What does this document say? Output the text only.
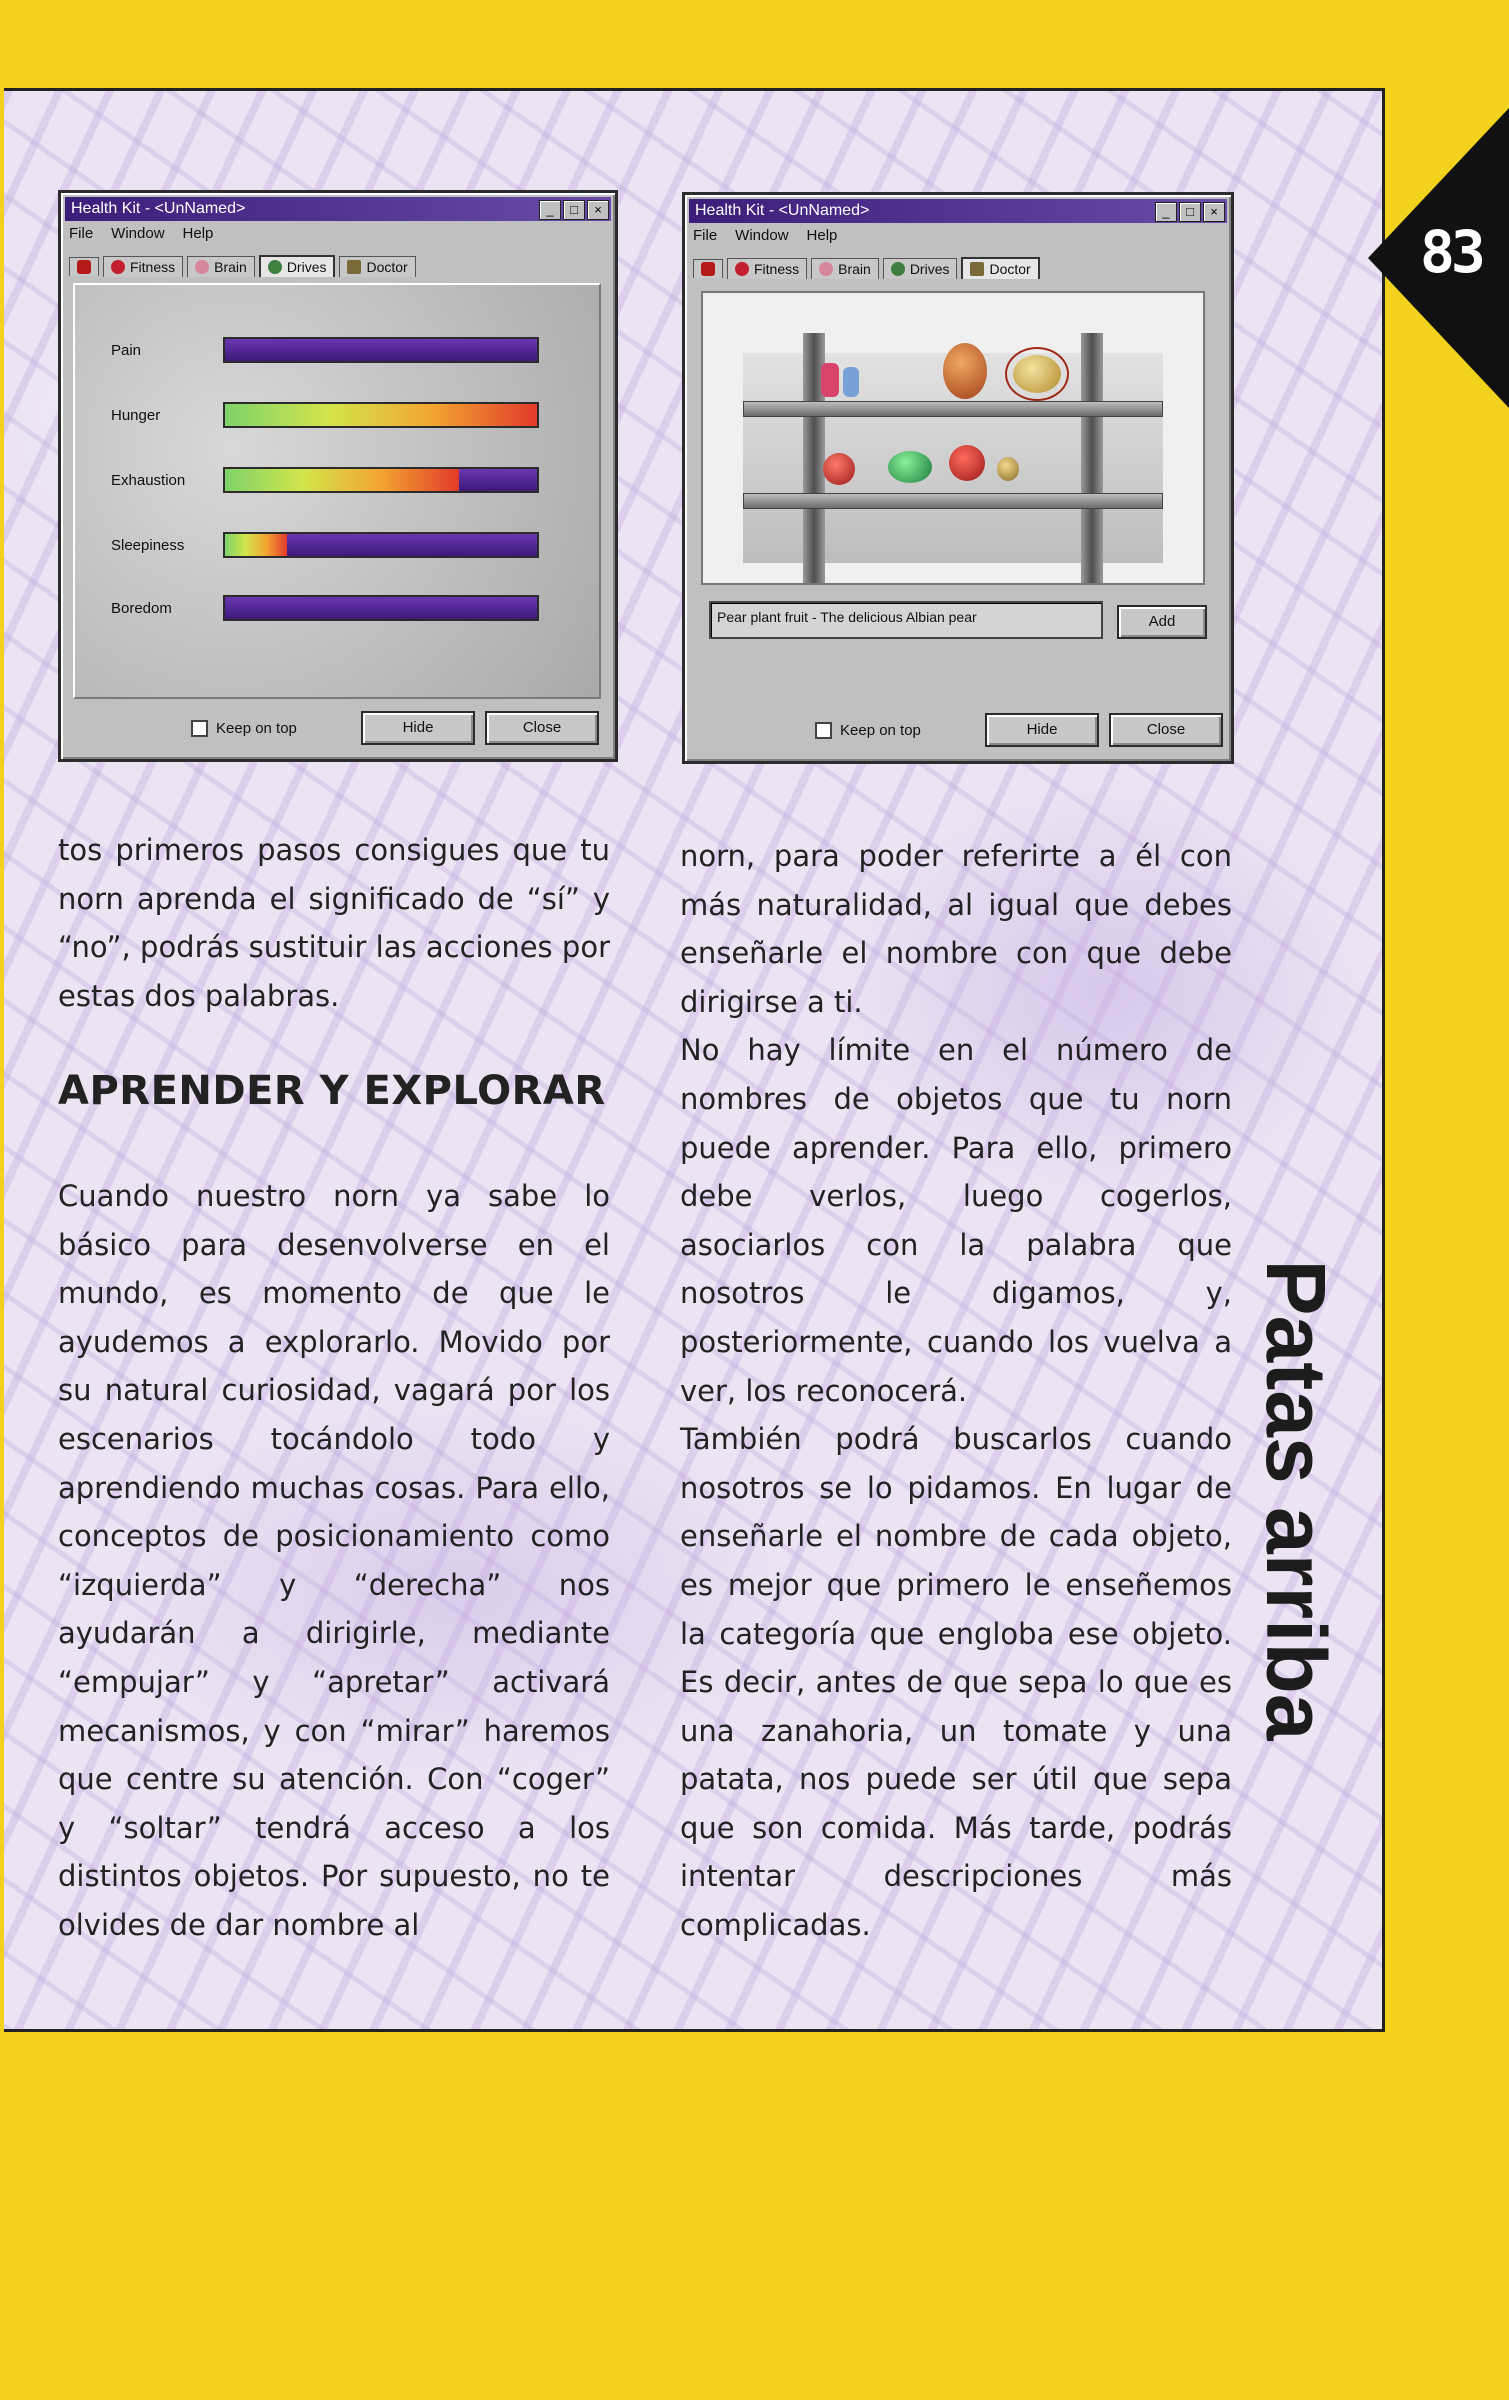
83
Patas arriba
Health Kit - <UnNamed>	_	□	×
File Window Help
Fitness	Brain	Drives	Doctor
Pain
Hunger
Exhaustion
Sleepiness
Boredom
Keep on top	Hide	Close
Health Kit - <UnNamed>	_	□	×
File Window Help
Fitness	Brain	Drives	Doctor
Pear plant fruit - The delicious Albian pear	Add
Keep on top	Hide	Close

tos primeros pasos consigues que tu norn aprenda el significado de “sí” y “no”, podrás sustituir las acciones por estas dos palabras.

APRENDER Y EXPLORAR

Cuando nuestro norn ya sabe lo básico para desenvolverse en el mundo, es momento de que le ayudemos a explorarlo. Movido por su natural curiosidad, vagará por los escenarios tocándolo todo y aprendiendo muchas cosas. Para ello, conceptos de posicionamiento como “izquierda” y “derecha” nos ayudarán a dirigirle, mediante “empujar” y “apretar” activará mecanismos, y con “mirar” haremos que centre su atención. Con “coger” y “soltar” tendrá acceso a los distintos objetos. Por supuesto, no te olvides de dar nombre al

norn, para poder referirte a él con más naturalidad, al igual que debes enseñarle el nombre con que debe dirigirse a ti.

No hay límite en el número de nombres de objetos que tu norn puede aprender. Para ello, primero debe verlos, luego cogerlos, asociarlos con la palabra que nosotros le digamos, y, posteriormente, cuando los vuelva a ver, los reconocerá.

También podrá buscarlos cuando nosotros se lo pidamos. En lugar de enseñarle el nombre de cada objeto, es mejor que primero le enseñemos la categoría que engloba ese objeto. Es decir, antes de que sepa lo que es una zanahoria, un tomate y una patata, nos puede ser útil que sepa que son comida. Más tarde, podrás intentar descripciones más complicadas.
